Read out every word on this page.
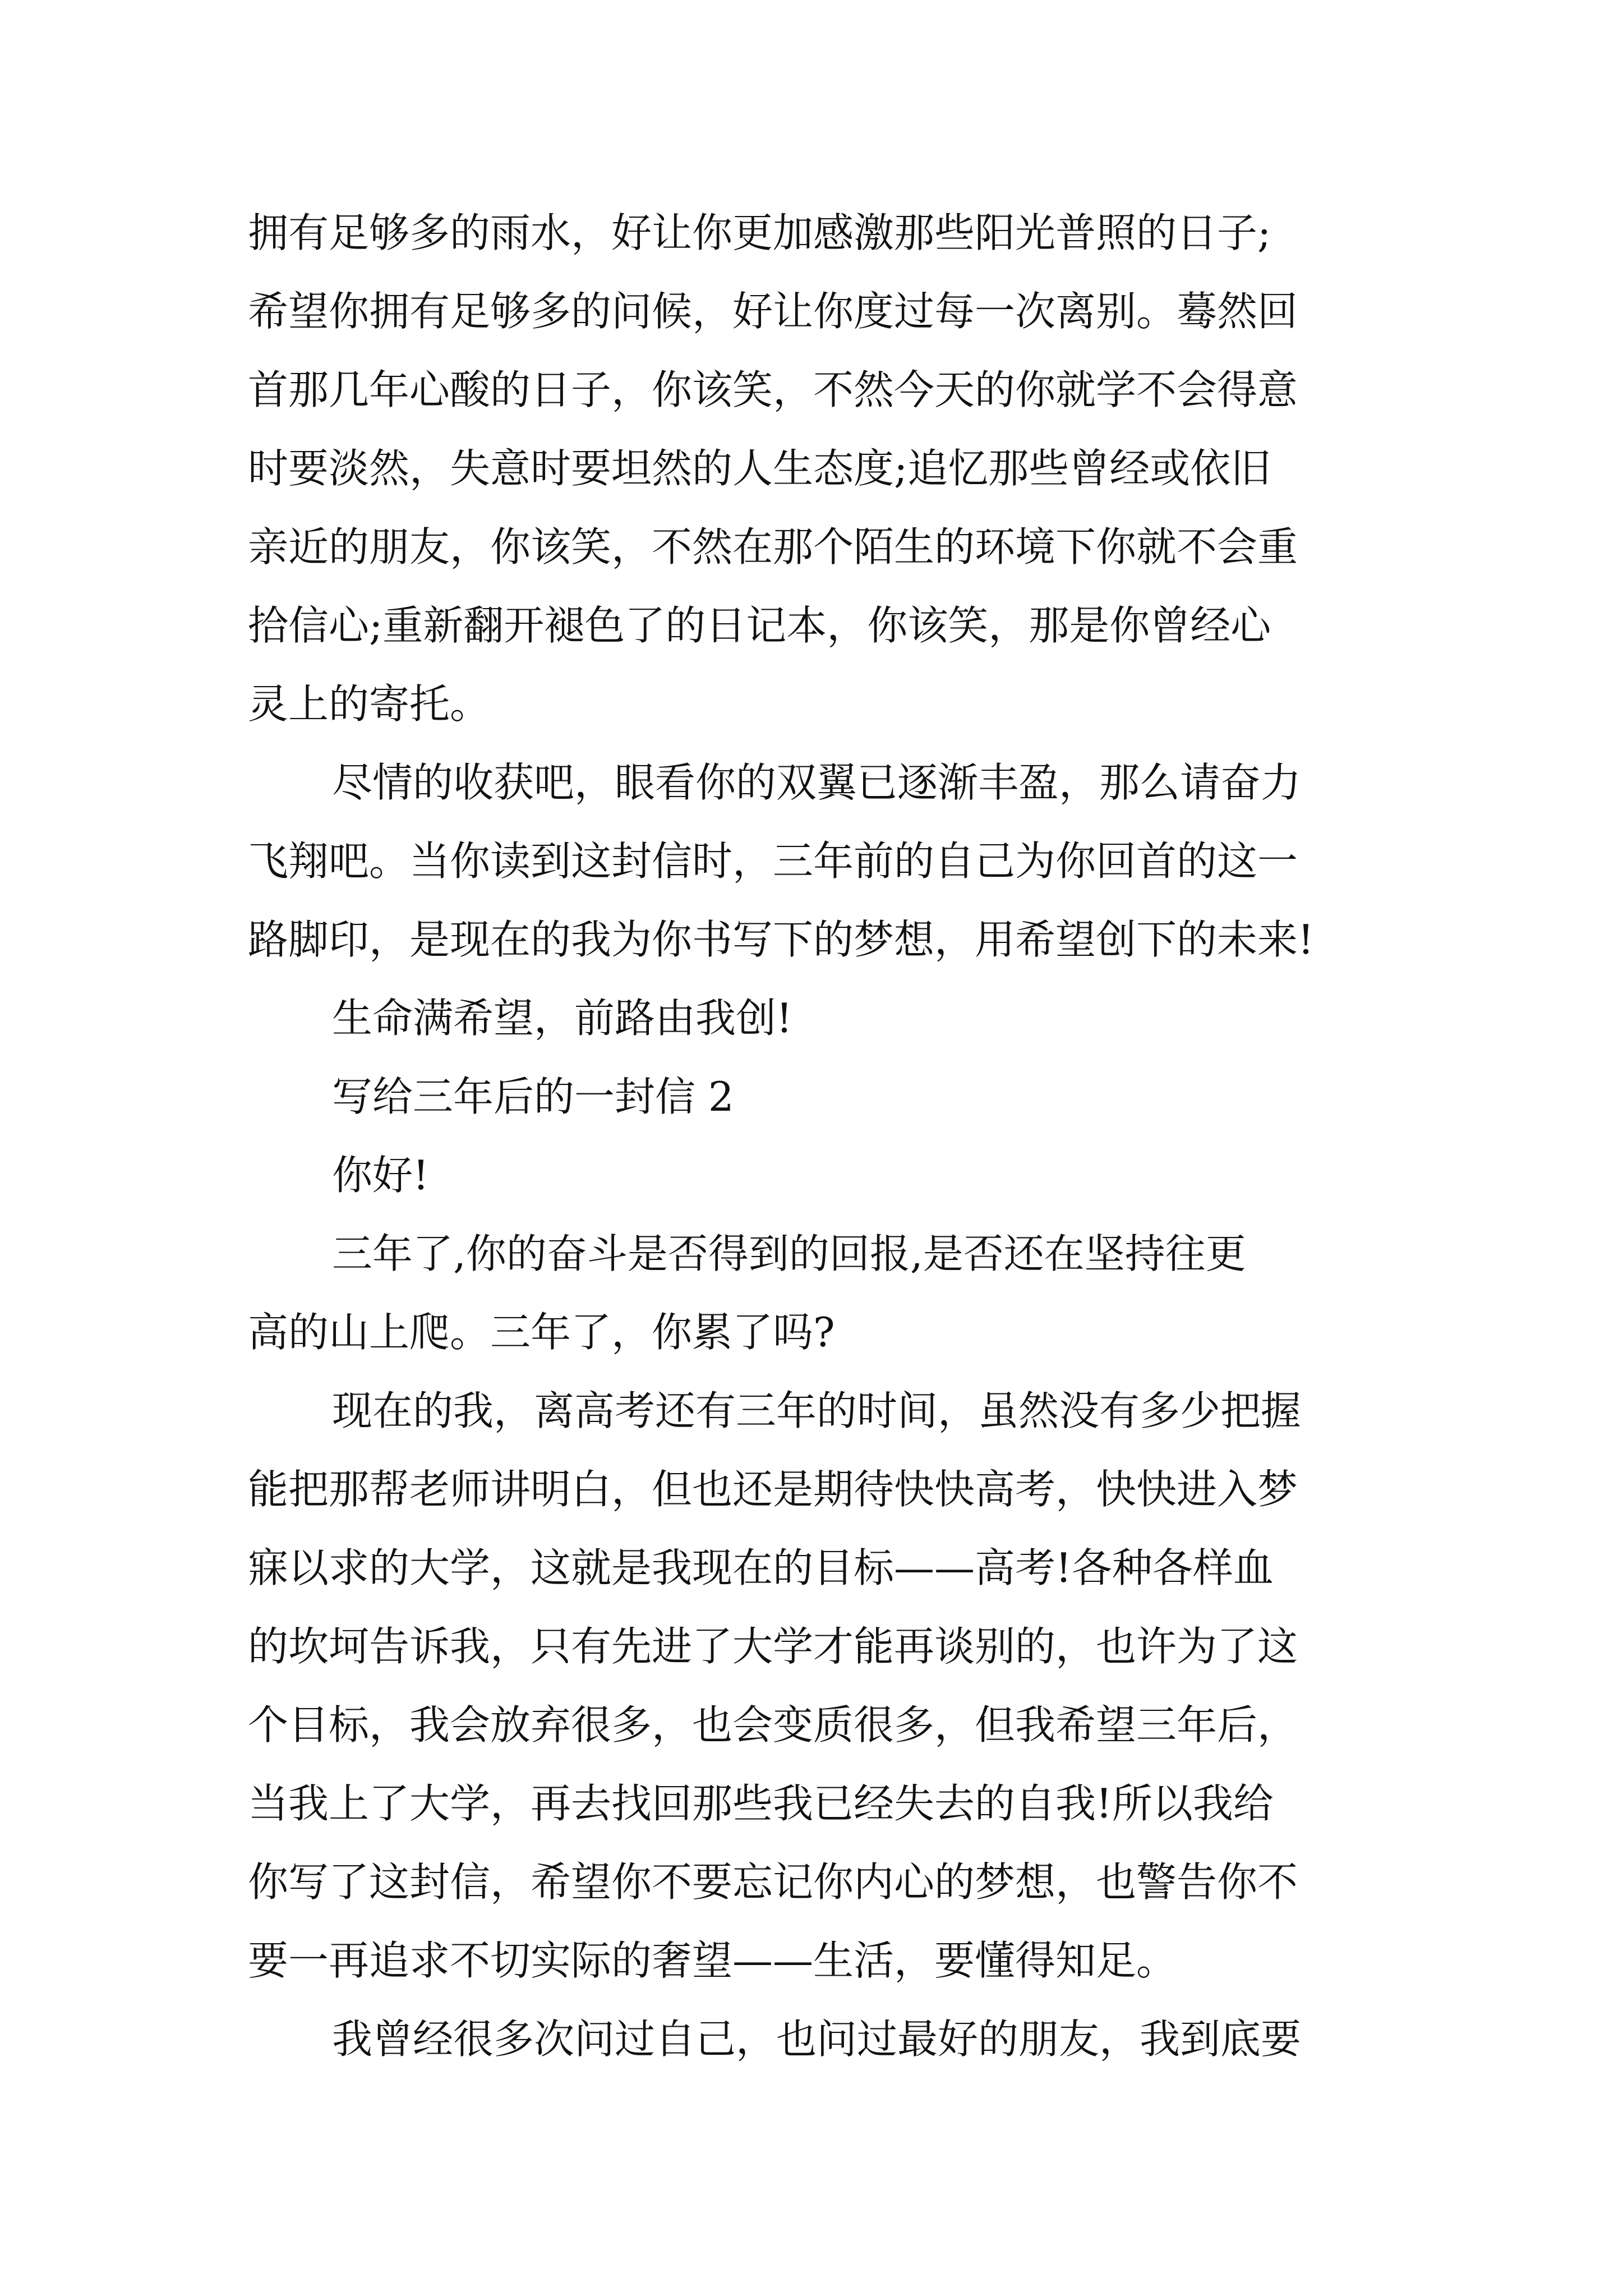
拥有足够多的雨水，好让你更加感激那些阳光普照的日子;
希望你拥有足够多的问候，好让你度过每一次离别。蓦然回
首那几年心酸的日子，你该笑，不然今天的你就学不会得意
时要淡然，失意时要坦然的人生态度;追忆那些曾经或依旧
亲近的朋友，你该笑，不然在那个陌生的环境下你就不会重
拾信心;重新翻开褪色了的日记本，你该笑，那是你曾经心
灵上的寄托。
尽情的收获吧，眼看你的双翼已逐渐丰盈，那么请奋力
飞翔吧。当你读到这封信时，三年前的自己为你回首的这一
路脚印，是现在的我为你书写下的梦想，用希望创下的未来!
生命满希望，前路由我创!
写给三年后的一封信 2
你好!
三年了,你的奋斗是否得到的回报,是否还在坚持往更
高的山上爬。三年了，你累了吗?
现在的我，离高考还有三年的时间，虽然没有多少把握
能把那帮老师讲明白，但也还是期待快快高考，快快进入梦
寐以求的大学，这就是我现在的目标——高考!各种各样血
的坎坷告诉我，只有先进了大学才能再谈别的，也许为了这
个目标，我会放弃很多，也会变质很多，但我希望三年后，
当我上了大学，再去找回那些我已经失去的自我!所以我给
你写了这封信，希望你不要忘记你内心的梦想，也警告你不
要一再追求不切实际的奢望——生活，要懂得知足。
我曾经很多次问过自己，也问过最好的朋友，我到底要
